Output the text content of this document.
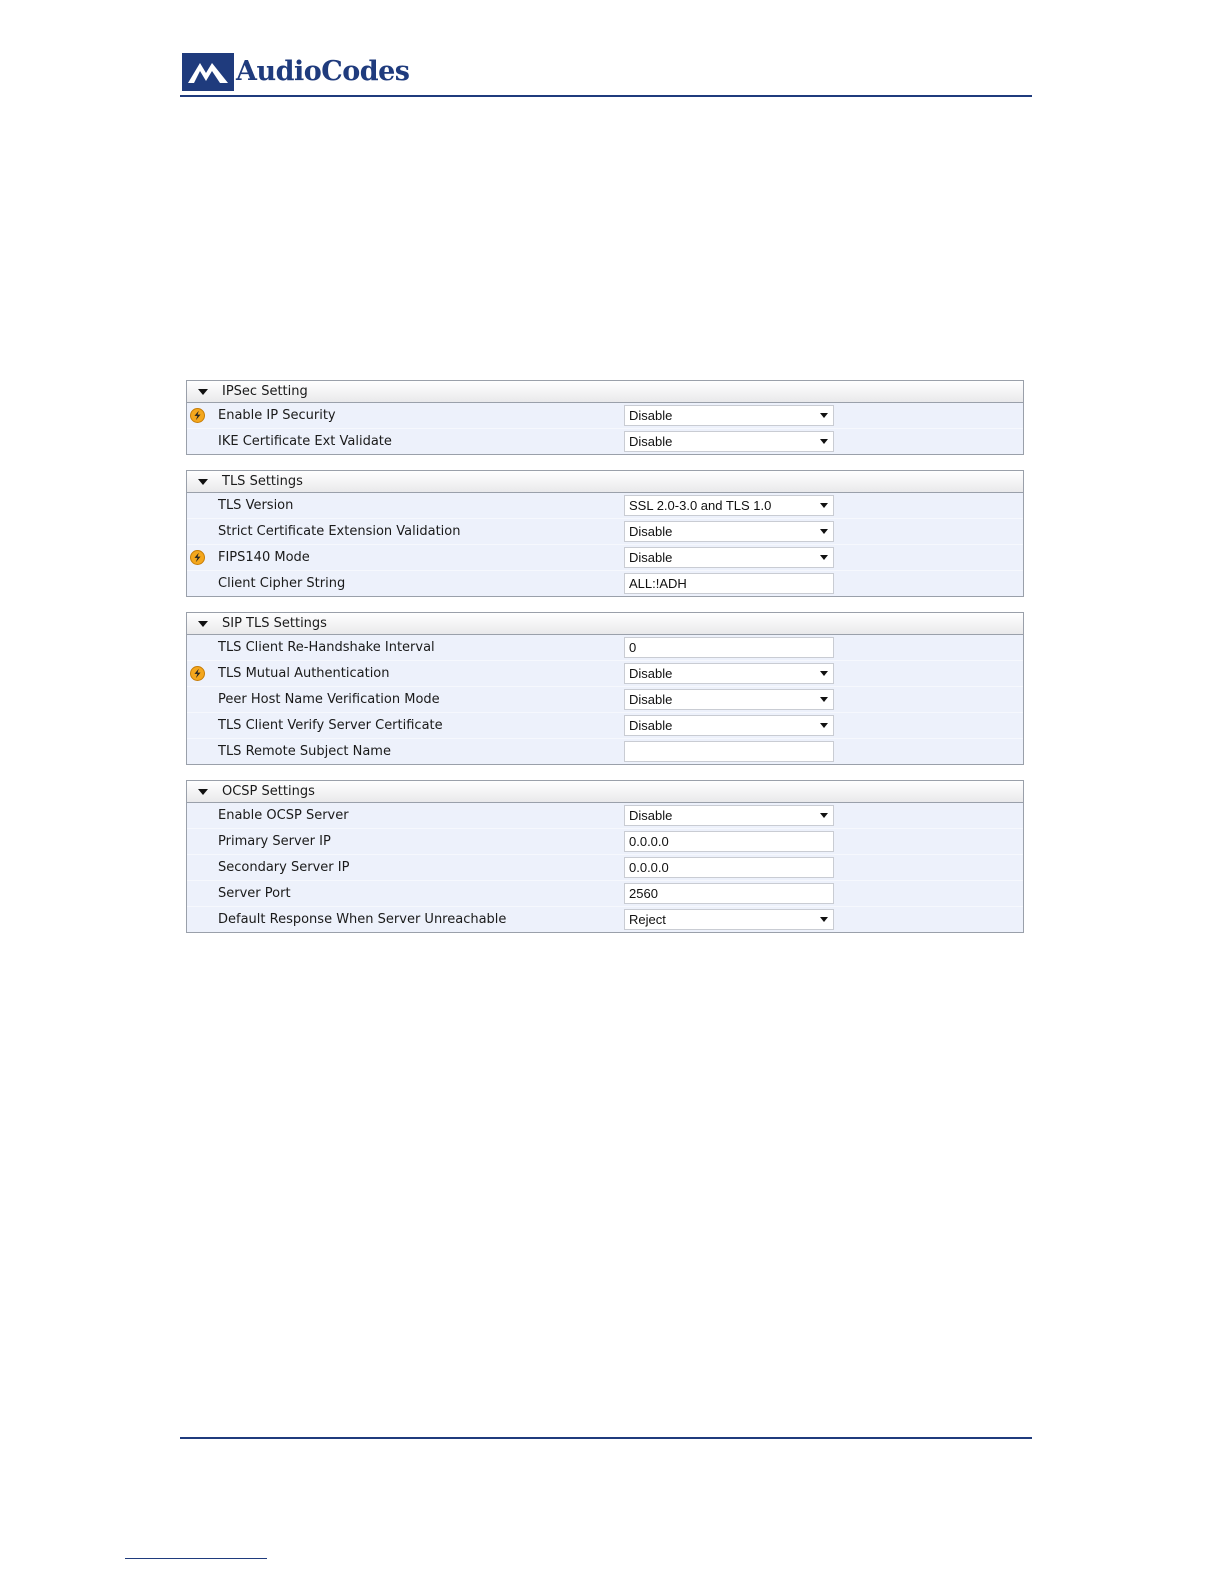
AudioCodes
IPSec Setting
Enable IP Security	Disable
IKE Certificate Ext Validate	Disable
TLS Settings
TLS Version	SSL 2.0-3.0 and TLS 1.0
Strict Certificate Extension Validation	Disable
FIPS140 Mode	Disable
Client Cipher String	ALL:!ADH
SIP TLS Settings
TLS Client Re-Handshake Interval	0
TLS Mutual Authentication	Disable
Peer Host Name Verification Mode	Disable
TLS Client Verify Server Certificate	Disable
TLS Remote Subject Name
OCSP Settings
Enable OCSP Server	Disable
Primary Server IP	0.0.0.0
Secondary Server IP	0.0.0.0
Server Port	2560
Default Response When Server Unreachable	Reject
